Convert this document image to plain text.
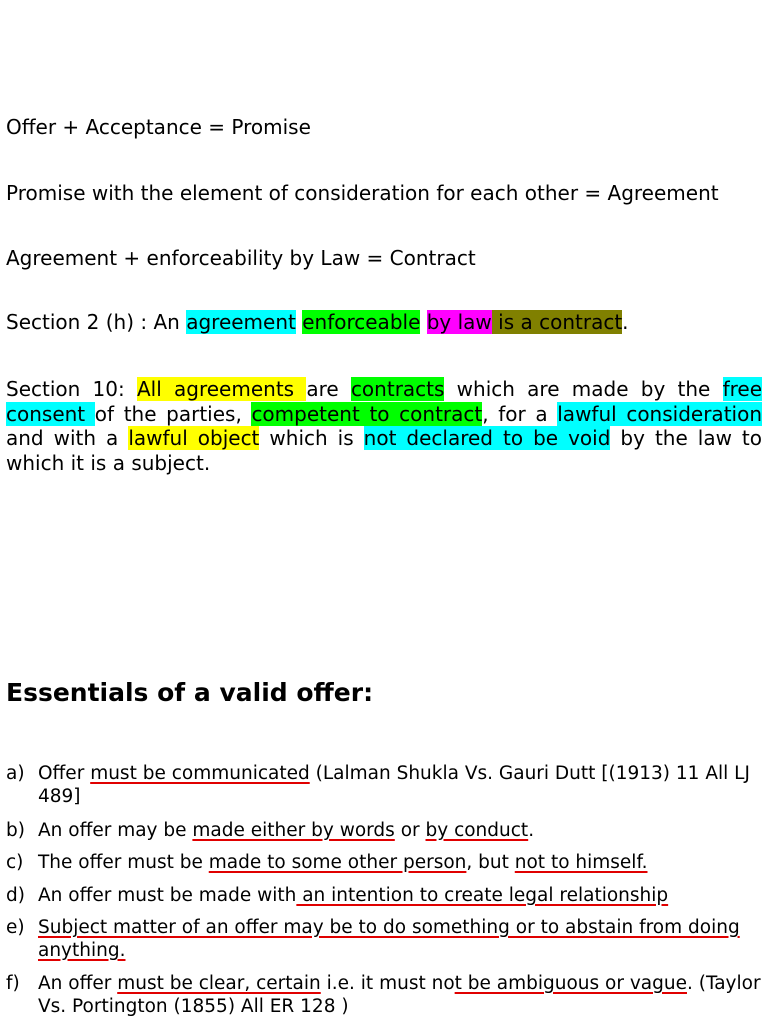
Offer + Acceptance = Promise
Promise with the element of consideration for each other = Agreement
Agreement + enforceability by Law = Contract
Section 2 (h) : An agreement enforceable by law is a contract.
Section 10: All agreements are contracts which are made by the free consent of the parties, competent to contract, for a lawful consideration and with a lawful object which is not declared to be void by the law to which it is a subject.
Essentials of a valid offer:
a) Offer must be communicated (Lalman Shukla Vs. Gauri Dutt [(1913) 11 All LJ 489]
b) An offer may be made either by words or by conduct.
c) The offer must be made to some other person, but not to himself.
d) An offer must be made with an intention to create legal relationship
e) Subject matter of an offer may be to do something or to abstain from doing anything.
f) An offer must be clear, certain i.e. it must not be ambiguous or vague. (Taylor Vs. Portington (1855) All ER 128 )
